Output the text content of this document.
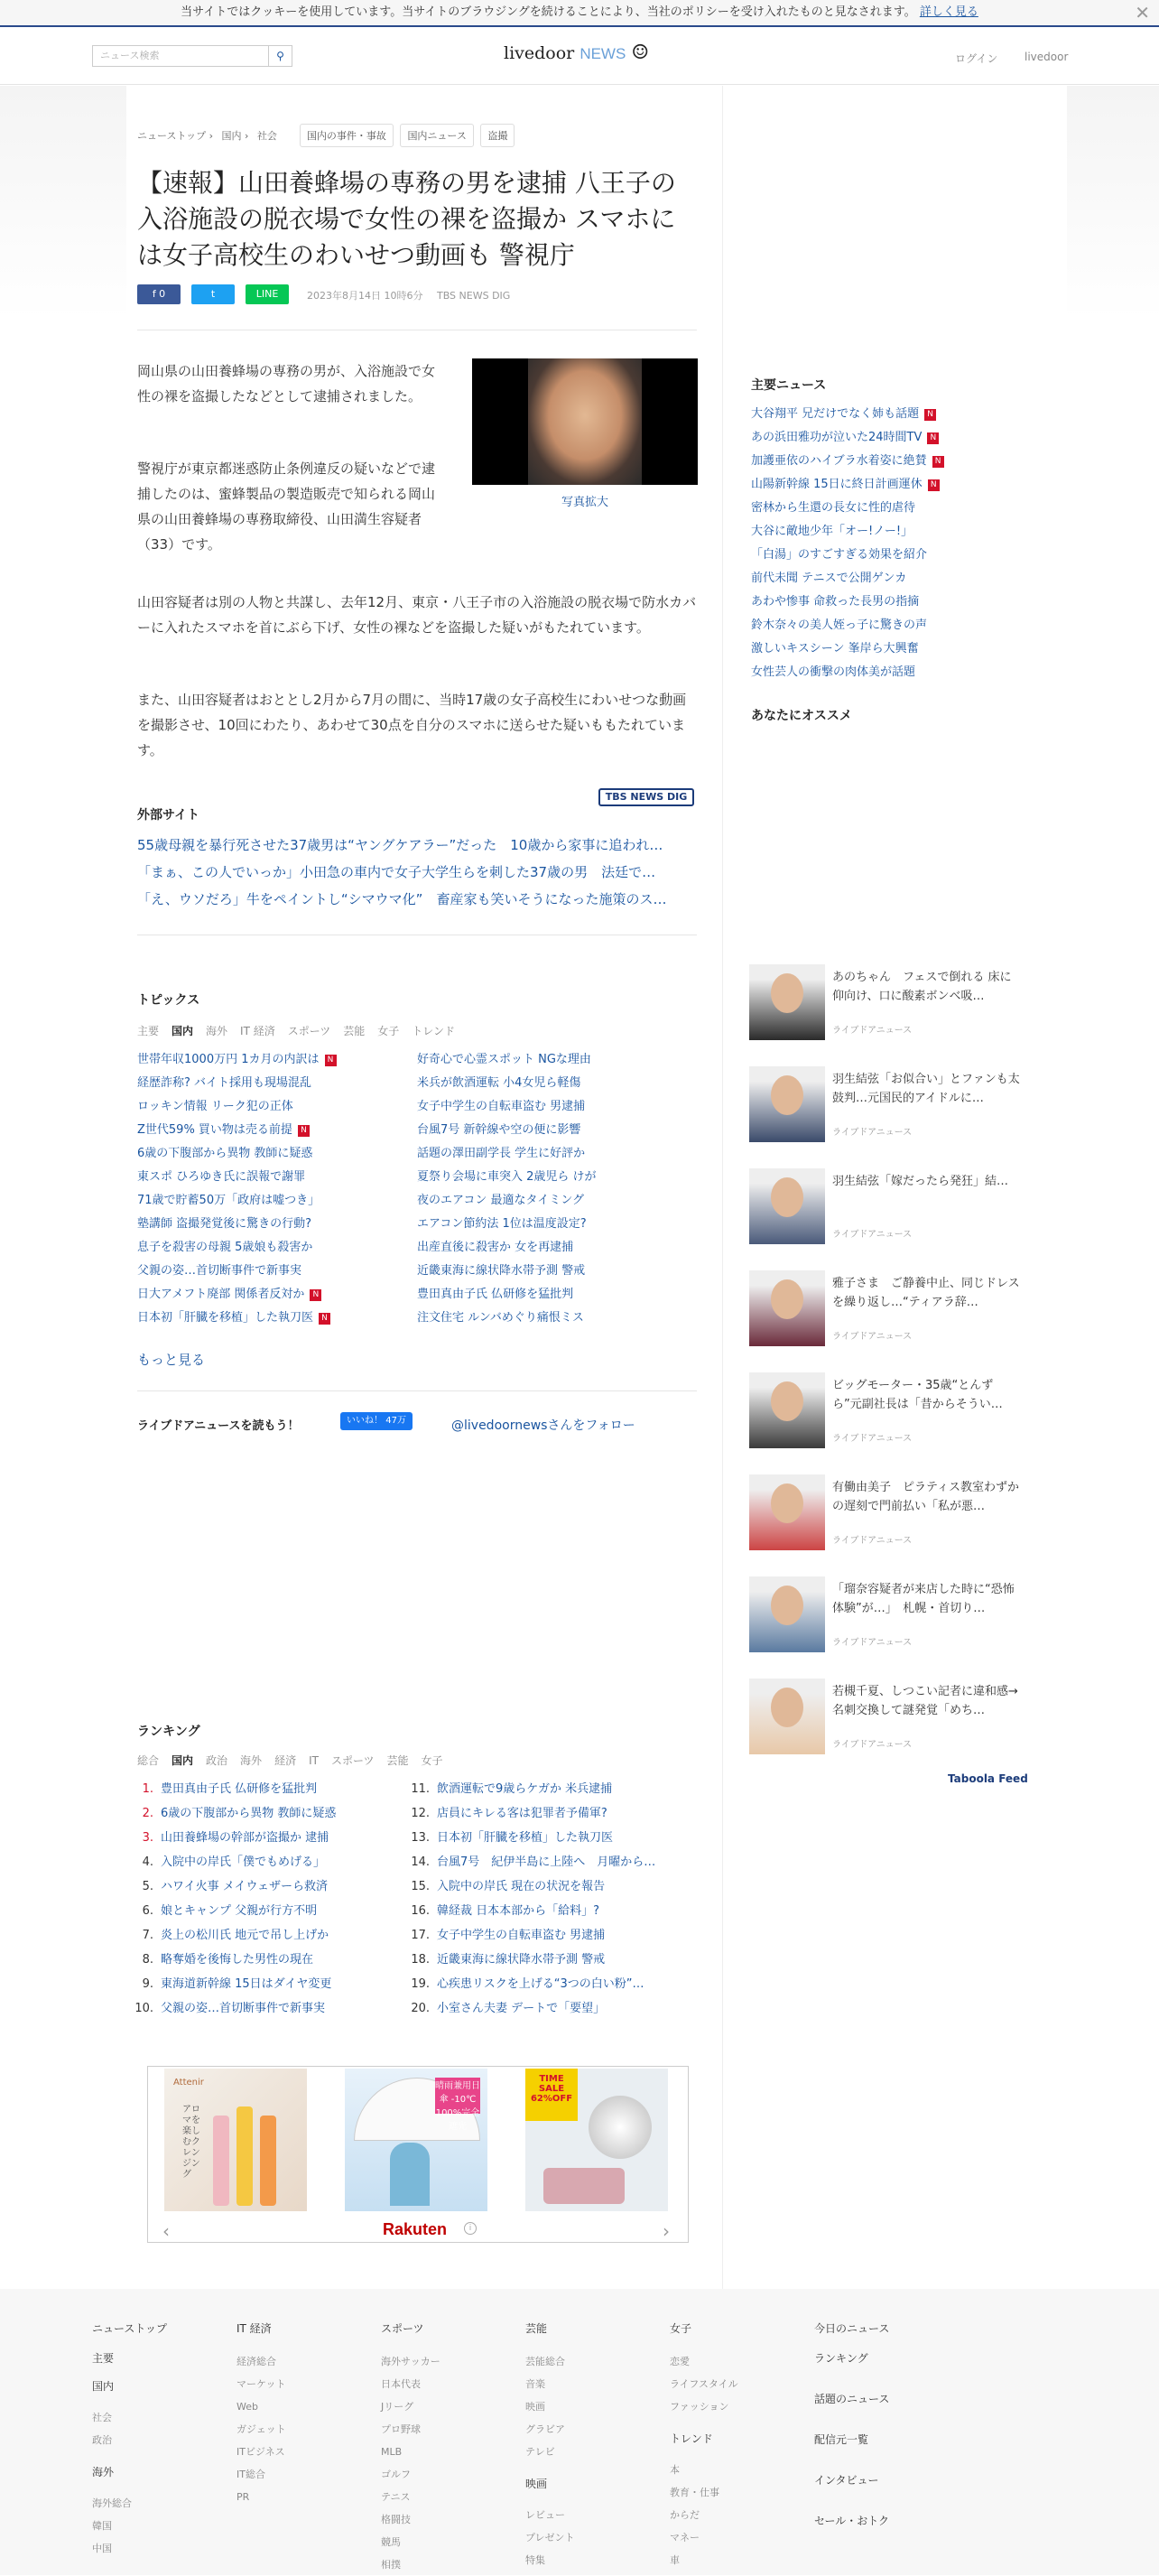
当サイトではクッキーを使用しています。当サイトのブラウジングを続けることにより、当社のポリシーを受け入れたものと見なされます。 詳しく見る	✕
ニュース検索	⚲	livedoor NEWS ☺	ログイン livedoor
ニューストップ › 国内 › 社会	国内の事件・事故 国内ニュース 盗撮
【速報】山田養蜂場の専務の男を逮捕 八王子の入浴施設の脱衣場で女性の裸を盗撮か スマホには女子高校生のわいせつ動画も 警視庁
f 0	t	LINE	2023年8月14日 10時6分 TBS NEWS DIG

岡山県の山田養蜂場の専務の男が、入浴施設で女性の裸を盗撮したなどとして逮捕されました。

警視庁が東京都迷惑防止条例違反の疑いなどで逮捕したのは、蜜蜂製品の製造販売で知られる岡山県の山田養蜂場の専務取締役、山田満生容疑者（33）です。

写真拡大

山田容疑者は別の人物と共謀し、去年12月、東京・八王子市の入浴施設の脱衣場で防水カバーに入れたスマホを首にぶら下げ、女性の裸などを盗撮した疑いがもたれています。

また、山田容疑者はおととし2月から7月の間に、当時17歳の女子高校生にわいせつな動画を撮影させ、10回にわたり、あわせて30点を自分のスマホに送らせた疑いももたれています。

TBS NEWS DIG
外部サイト
55歳母親を暴行死させた37歳男は“ヤングケアラー”だった　10歳から家事に追われ…
「まぁ、この人でいっか」小田急の車内で女子大学生らを刺した37歳の男　法廷で…
「え、ウソだろ」牛をペイントし“シマウマ化”　畜産家も笑いそうになった施策のス…
トピックス
主要 国内 海外 IT 経済 スポーツ 芸能 女子 トレンド
世帯年収1000万円 1カ月の内訳は N
経歴詐称? バイト採用も現場混乱
ロッキン情報 リーク犯の正体
Z世代59% 買い物は売る前提 N
6歳の下腹部から異物 教師に疑惑
東スポ ひろゆき氏に誤報で謝罪
71歳で貯蓄50万「政府は嘘つき」
塾講師 盗撮発覚後に驚きの行動?
息子を殺害の母親 5歳娘も殺害か
父親の姿…首切断事件で新事実
日大アメフト廃部 関係者反対か N
日本初「肝臓を移植」した執刀医 N
好奇心で心霊スポット NGな理由
米兵が飲酒運転 小4女児ら軽傷
女子中学生の自転車盗む 男逮捕
台風7号 新幹線や空の便に影響
話題の澤田副学長 学生に好評か
夏祭り会場に車突入 2歳児ら けが
夜のエアコン 最適なタイミング
エアコン節約法 1位は温度設定?
出産直後に殺害か 女を再逮捕
近畿東海に線状降水帯予測 警戒
豊田真由子氏 仏研修を猛批判
注文住宅 ルンバめぐり痛恨ミス
もっと見る
ライブドアニュースを読もう！	いいね！ 47万	@livedoornewsさんをフォロー
ランキング
総合 国内 政治 海外 経済 IT スポーツ 芸能 女子
1. 豊田真由子氏 仏研修を猛批判
2. 6歳の下腹部から異物 教師に疑惑
3. 山田養蜂場の幹部が盗撮か 逮捕
4. 入院中の岸氏「僕でもめげる」
5. ハワイ火事 メイウェザーら救済
6. 娘とキャンプ 父親が行方不明
7. 炎上の松川氏 地元で吊し上げか
8. 略奪婚を後悔した男性の現在
9. 東海道新幹線 15日はダイヤ変更
10. 父親の姿…首切断事件で新事実
11. 飲酒運転で9歳らケガか 米兵逮捕
12. 店員にキレる客は犯罪者予備軍?
13. 日本初「肝臓を移植」した執刀医
14. 台風7号　紀伊半島に上陸へ　月曜から…
15. 入院中の岸氏 現在の状況を報告
16. 韓経裁 日本本部から「給料」?
17. 女子中学生の自転車盗む 男逮捕
18. 近畿東海に線状降水帯予測 警戒
19. 心疾患リスクを上げる“3つの白い粉”…
20. 小室さん夫妻 デートで「要望」
Attenir
アロマを楽しむクレンジング
晴雨兼用日傘 -10℃ 100%完全遮光
TIME SALE 62%OFF
‹	Rakuten	i	›
主要ニュース
大谷翔平 兄だけでなく姉も話題 N
あの浜田雅功が泣いた24時間TV N
加護亜依のハイブラ水着姿に絶賛 N
山陽新幹線 15日に終日計画運休 N
密林から生還の長女に性的虐待
大谷に敵地少年「オー!ノー!」
「白湯」のすごすぎる効果を紹介
前代未聞 テニスで公開ゲンカ
あわや惨事 命救った長男の指摘
鈴木奈々の美人姪っ子に驚きの声
激しいキスシーン 峯岸ら大興奮
女性芸人の衝撃の肉体美が話題
あなたにオススメ
あのちゃん　フェスで倒れる 床に仰向け、口に酸素ボンベ吸…
ライブドアニュース
羽生結弦「お似合い」とファンも太鼓判…元国民的アイドルに…
ライブドアニュース
羽生結弦「嫁だったら発狂」結…
ライブドアニュース
雅子さま　ご静養中止、同じドレスを繰り返し…“ティアラ辞…
ライブドアニュース
ビッグモーター・35歳“とんず ら”元副社長は「昔からそうい…
ライブドアニュース
有働由美子　ピラティス教室わずかの遅刻で門前払い「私が悪…
ライブドアニュース
「瑠奈容疑者が来店した時に“恐怖体験”が…」　札幌・首切り…
ライブドアニュース
若槻千夏、しつこい記者に違和感→名刺交換して謎発覚「めち…
ライブドアニュース
Taboola Feed
ニューストップ
主要
国内
社会
政治
海外
海外総合
韓国
中国
IT 経済
経済総合
マーケット
Web
ガジェット
ITビジネス
IT総合
PR
スポーツ
海外サッカー
日本代表
Jリーグ
プロ野球
MLB
ゴルフ
テニス
格闘技
競馬
相撲
芸能
芸能総合
音楽
映画
グラビア
テレビ
映画
レビュー
プレゼント
特集
女子
恋愛
ライフスタイル
ファッション
トレンド
本
教育・仕事
からだ
マネー
車
今日のニュース
ランキング
話題のニュース
配信元一覧
インタビュー
セール・おトク
